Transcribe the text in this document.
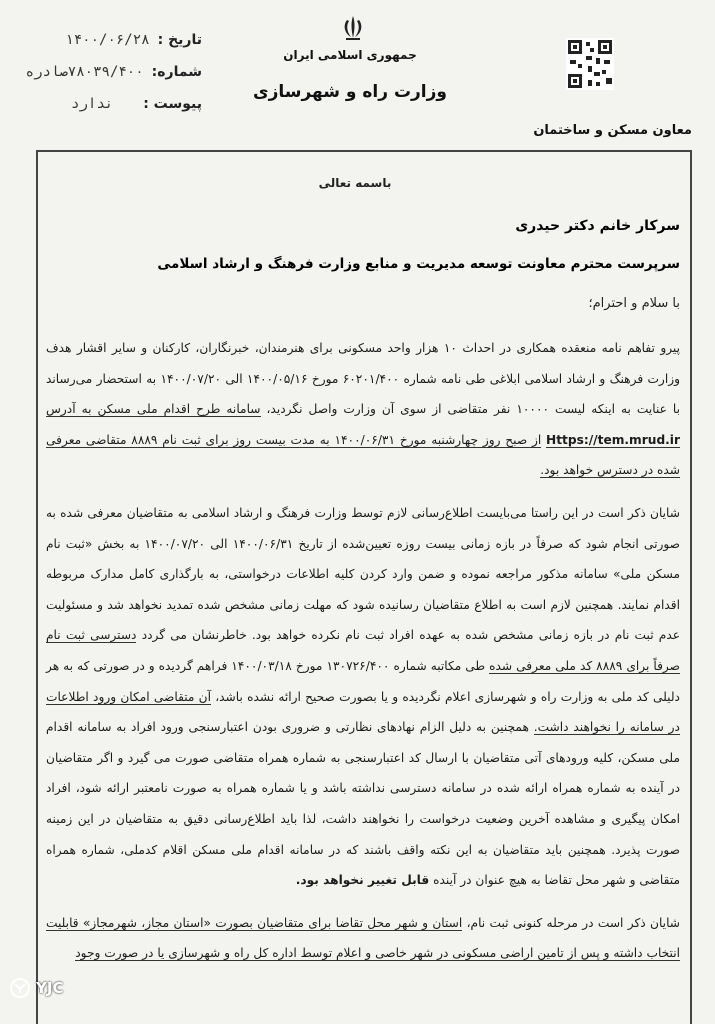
تاریخ :
۱۴۰۰/۰۶/۲۸
شماره:
۷۸۰۳۹/۴۰۰صادره
پیوست :
ندارد
جمهوری اسلامی ایران
وزارت راه و شهرسازی
معاون مسکن و ساختمان
باسمه تعالی
سرکار خانم دکتر حیدری
سرپرست محترم معاونت توسعه مدیریت و منابع وزارت فرهنگ و ارشاد اسلامی
با سلام و احترام؛

پیرو تفاهم نامه منعقده همکاری در احداث ۱۰ هزار واحد مسکونی برای هنرمندان، خبرنگاران، کارکنان و سایر اقشار هدف وزارت فرهنگ و ارشاد اسلامی ابلاغی طی نامه شماره ۶۰۲۰۱/۴۰۰ مورخ ۱۴۰۰/۰۵/۱۶ الی ۱۴۰۰/۰۷/۲۰ به استحضار می‌رساند با عنایت به اینکه لیست ۱۰۰۰۰ نفر متقاضی از سوی آن وزارت واصل نگردید، سامانه طرح اقدام ملی مسکن به آدرس Https://tem.mrud.ir از صبح روز چهارشنبه مورخ ۱۴۰۰/۰۶/۳۱ به مدت بیست روز برای ثبت نام ۸۸۸۹ متقاضی معرفی شده در دسترس خواهد بود.

شایان ذکر است در این راستا می‌بایست اطلاع‌رسانی لازم توسط وزارت فرهنگ و ارشاد اسلامی به متقاضیان معرفی شده به صورتی انجام شود که صرفاً در بازه زمانی بیست روزه تعیین‌شده از تاریخ ۱۴۰۰/۰۶/۳۱ الی ۱۴۰۰/۰۷/۲۰ به بخش «ثبت نام مسکن ملی» سامانه مذکور مراجعه نموده و ضمن وارد کردن کلیه اطلاعات درخواستی، به بارگذاری کامل مدارک مربوطه اقدام نمایند. همچنین لازم است به اطلاع متقاضیان رسانیده شود که مهلت زمانی مشخص شده تمدید نخواهد شد و مسئولیت عدم ثبت نام در بازه زمانی مشخص شده به عهده افراد ثبت نام نکرده خواهد بود. خاطرنشان می گردد دسترسی ثبت نام صرفاً برای ۸۸۸۹ کد ملی معرفی شده طی مکاتبه شماره ۱۳۰۷۲۶/۴۰۰ مورخ ۱۴۰۰/۰۳/۱۸ فراهم گردیده و در صورتی که به هر دلیلی کد ملی به وزارت راه و شهرسازی اعلام نگردیده و یا بصورت صحیح ارائه نشده باشد، آن متقاضی امکان ورود اطلاعات در سامانه را نخواهند داشت. همچنین به دلیل الزام نهادهای نظارتی و ضروری بودن اعتبارسنجی ورود افراد به سامانه اقدام ملی مسکن، کلیه ورودهای آتی متقاضیان با ارسال کد اعتبارسنجی به شماره همراه متقاضی صورت می گیرد و اگر متقاضیان در آینده به شماره همراه ارائه شده در سامانه دسترسی نداشته باشد و یا شماره همراه به صورت نامعتبر ارائه شود، افراد امکان پیگیری و مشاهده آخرین وضعیت درخواست را نخواهند داشت، لذا باید اطلاع‌رسانی دقیق به متقاضیان در این زمینه صورت پذیرد. همچنین باید متقاضیان به این نکته واقف باشند که در سامانه اقدام ملی مسکن اقلام کدملی، شماره همراه متقاضی و شهر محل تقاضا به هیچ عنوان در آینده قابل تغییر نخواهد بود.

شایان ذکر است در مرحله کنونی ثبت نام، استان و شهر محل تقاضا برای متقاضیان بصورت «استان مجاز، شهرمجاز» قابلیت انتخاب داشته و پس از تامین اراضی مسکونی در شهر خاصی و اعلام توسط اداره کل راه و شهرسازی یا در صورت وجود

YJC
